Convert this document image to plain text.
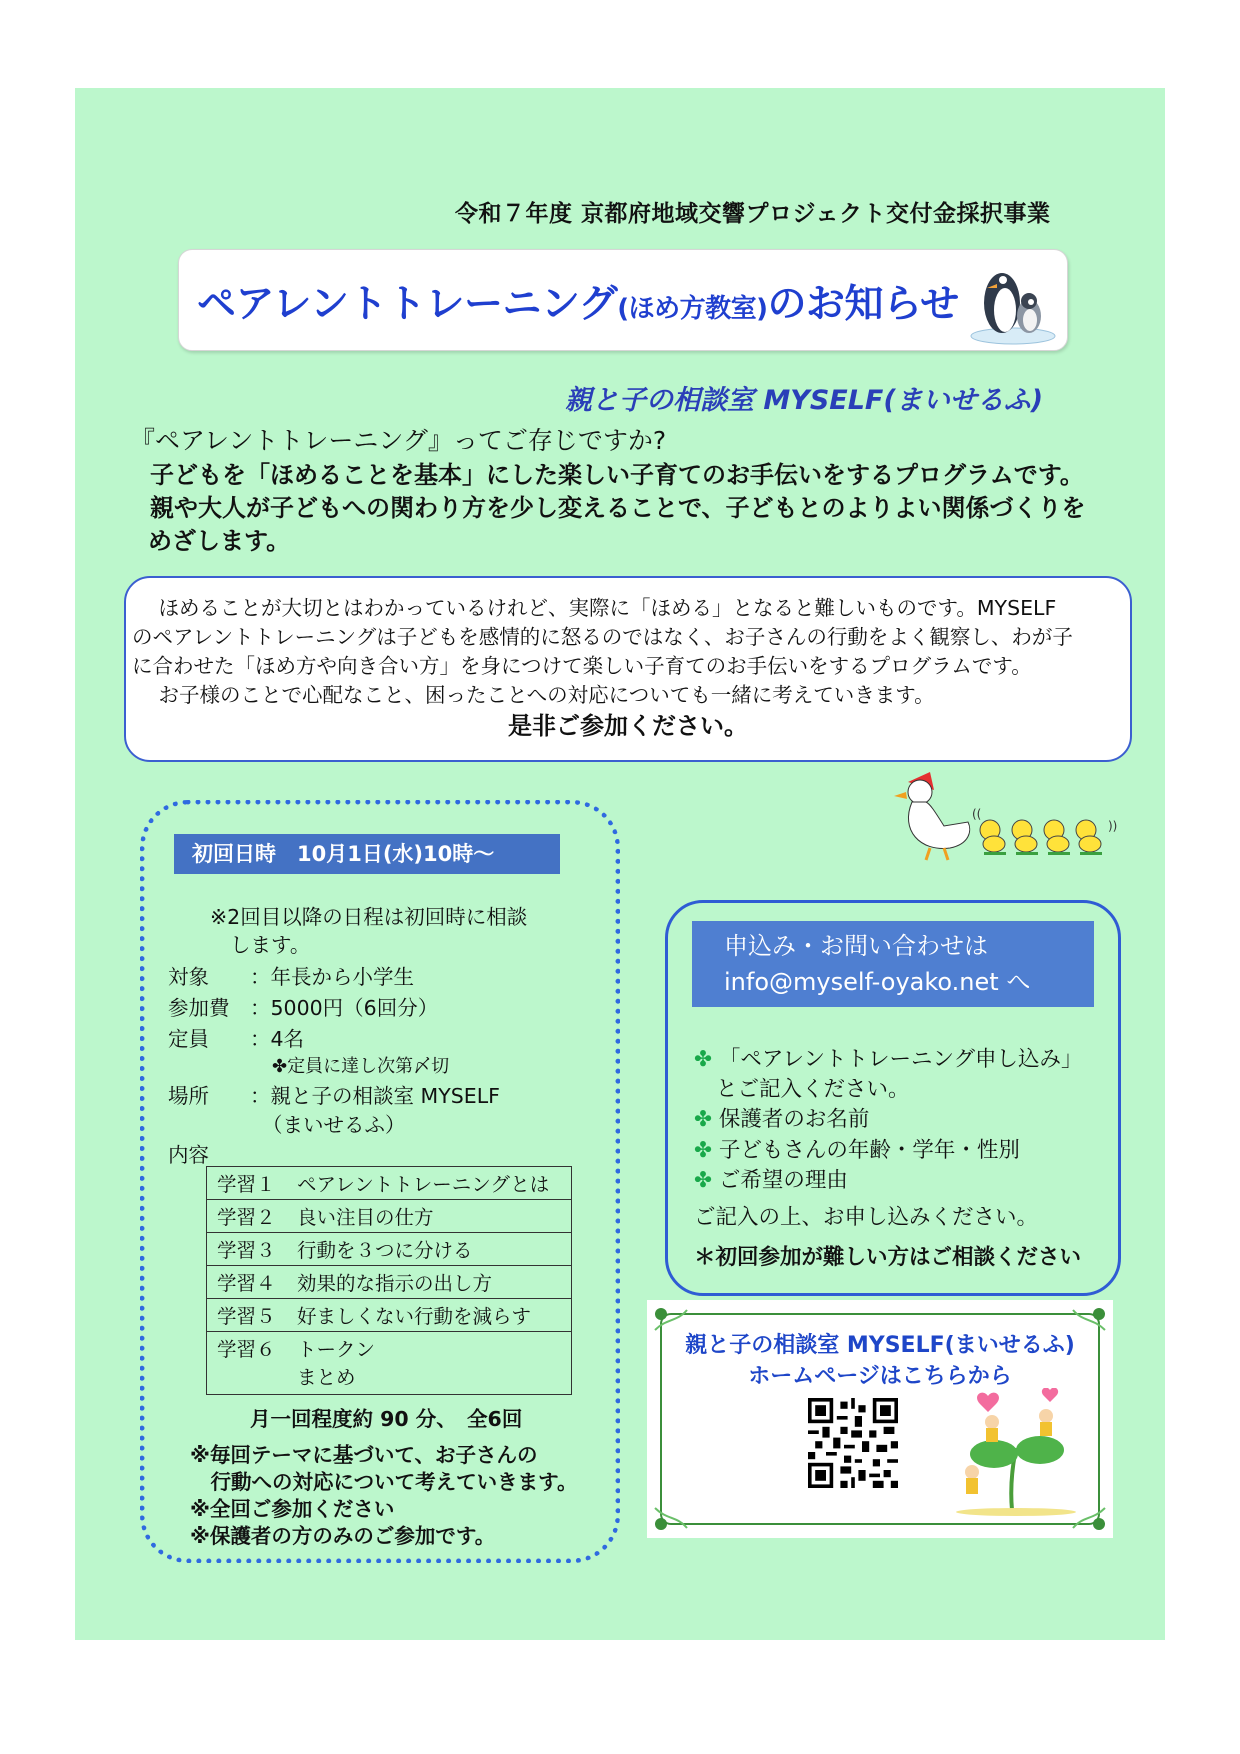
令和７年度 京都府地域交響プロジェクト交付金採択事業
ペアレントトレーニング(ほめ方教室)のお知らせ
親と子の相談室 MYSELF(まいせるふ)
『ペアレントトレーニング』ってご存じですか?
子どもを「ほめることを基本」にした楽しい子育てのお手伝いをするプログラムです。
親や大人が子どもへの関わり方を少し変えることで、子どもとのよりよい関係づくりを
めざします。

　ほめることが大切とはわかっているけれど、実際に「ほめる」となると難しいものです。MYSELF

のペアレントトレーニングは子どもを感情的に怒るのではなく、お子さんの行動をよく観察し、わが子

に合わせた「ほめ方や向き合い方」を身につけて楽しい子育てのお手伝いをするプログラムです。

　お子様のことで心配なこと、困ったことへの対応についても一緒に考えていきます。

是非ご参加ください。

((
))
初回日時　10月1日(水)10時～
※2回目以降の日程は初回時に相談
します。
対象 ：年長から小学生
参加費 ：5000円（6回分）
定員 ：4名
✤定員に達し次第〆切
場所 ：親と子の相談室 MYSELF
（まいせるふ）
内容
学習１ ペアレントトレーニングとは
学習２ 良い注目の仕方
学習３ 行動を３つに分ける
学習４ 効果的な指示の出し方
学習５ 好ましくない行動を減らす
学習６ トークン
まとめ
月一回程度約 90 分、　全6回
※毎回テーマに基づいて、お子さんの
　行動への対応について考えていきます。
※全回ご参加ください
※保護者の方のみのご参加です。
申込み・お問い合わせは
info@myself-oyako.net へ
✤ 「ペアレントトレーニング申し込み」
とご記入ください。
✤ 保護者のお名前
✤ 子どもさんの年齢・学年・性別
✤ ご希望の理由
ご記入の上、お申し込みください。
＊初回参加が難しい方はご相談ください
親と子の相談室 MYSELF(まいせるふ)
ホームページはこちらから
